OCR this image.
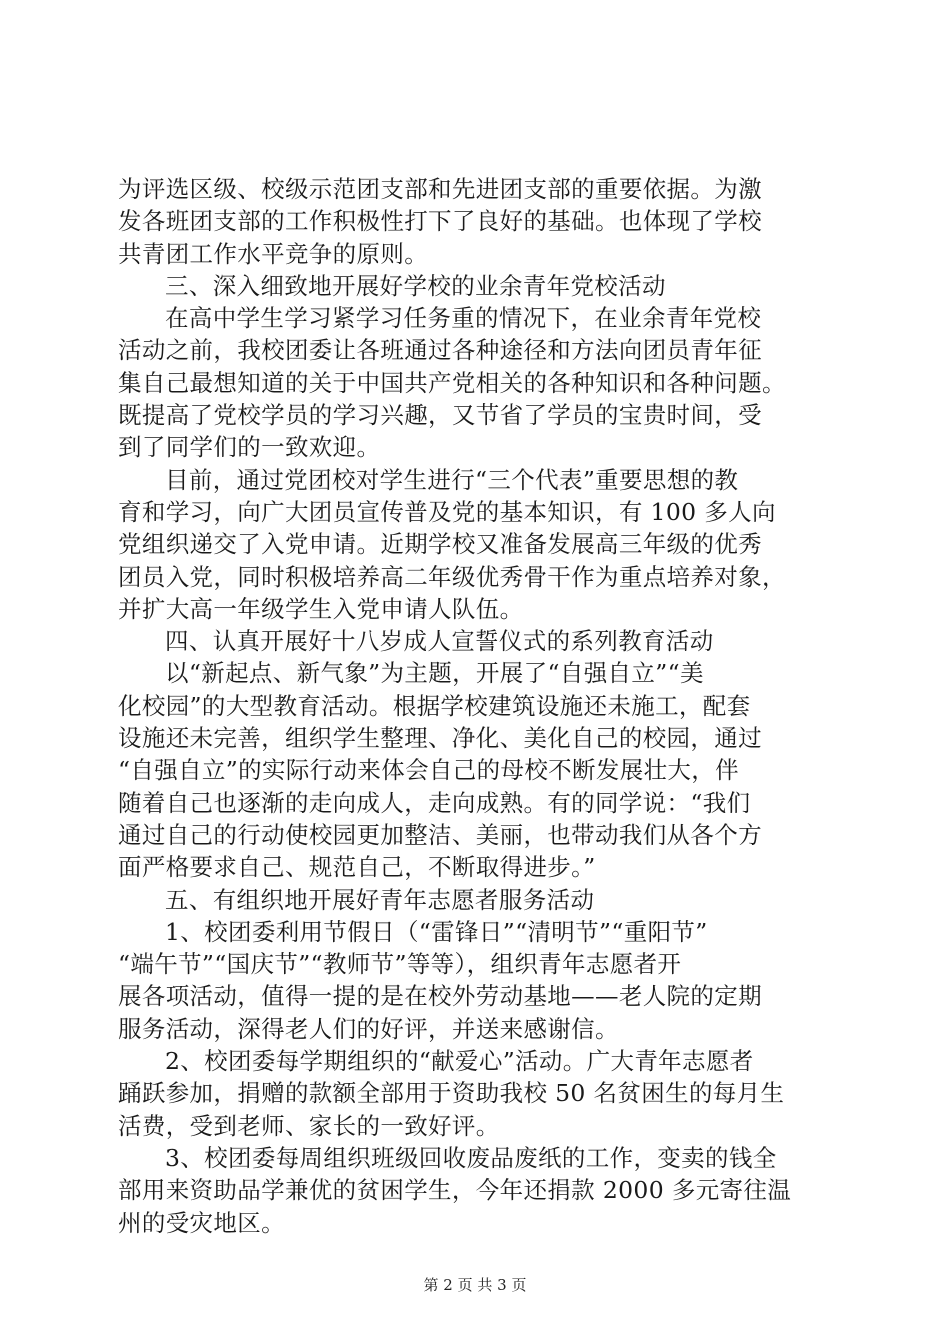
为评选区级、校级示范团支部和先进团支部的重要依据。为激
发各班团支部的工作积极性打下了良好的基础。也体现了学校
共青团工作水平竞争的原则。
三、深入细致地开展好学校的业余青年党校活动
在高中学生学习紧学习任务重的情况下，在业余青年党校
活动之前，我校团委让各班通过各种途径和方法向团员青年征
集自己最想知道的关于中国共产党相关的各种知识和各种问题。
既提高了党校学员的学习兴趣，又节省了学员的宝贵时间，受
到了同学们的一致欢迎。
目前，通过党团校对学生进行“三个代表”重要思想的教
育和学习，向广大团员宣传普及党的基本知识，有 100 多人向
党组织递交了入党申请。近期学校又准备发展高三年级的优秀
团员入党，同时积极培养高二年级优秀骨干作为重点培养对象，
并扩大高一年级学生入党申请人队伍。
四、认真开展好十八岁成人宣誓仪式的系列教育活动
以“新起点、新气象”为主题，开展了“自强自立”“美
化校园”的大型教育活动。根据学校建筑设施还未施工，配套
设施还未完善，组织学生整理、净化、美化自己的校园，通过
“自强自立”的实际行动来体会自己的母校不断发展壮大，伴
随着自己也逐渐的走向成人，走向成熟。有的同学说：“我们
通过自己的行动使校园更加整洁、美丽，也带动我们从各个方
面严格要求自己、规范自己，不断取得进步。”
五、有组织地开展好青年志愿者服务活动
1、校团委利用节假日（“雷锋日”“清明节”“重阳节”
“端午节”“国庆节”“教师节”等等），组织青年志愿者开
展各项活动，值得一提的是在校外劳动基地——老人院的定期
服务活动，深得老人们的好评，并送来感谢信。
2、校团委每学期组织的“献爱心”活动。广大青年志愿者
踊跃参加，捐赠的款额全部用于资助我校 50 名贫困生的每月生
活费，受到老师、家长的一致好评。
3、校团委每周组织班级回收废品废纸的工作，变卖的钱全
部用来资助品学兼优的贫困学生，今年还捐款 2000 多元寄往温
州的受灾地区。
第 2 页 共 3 页
